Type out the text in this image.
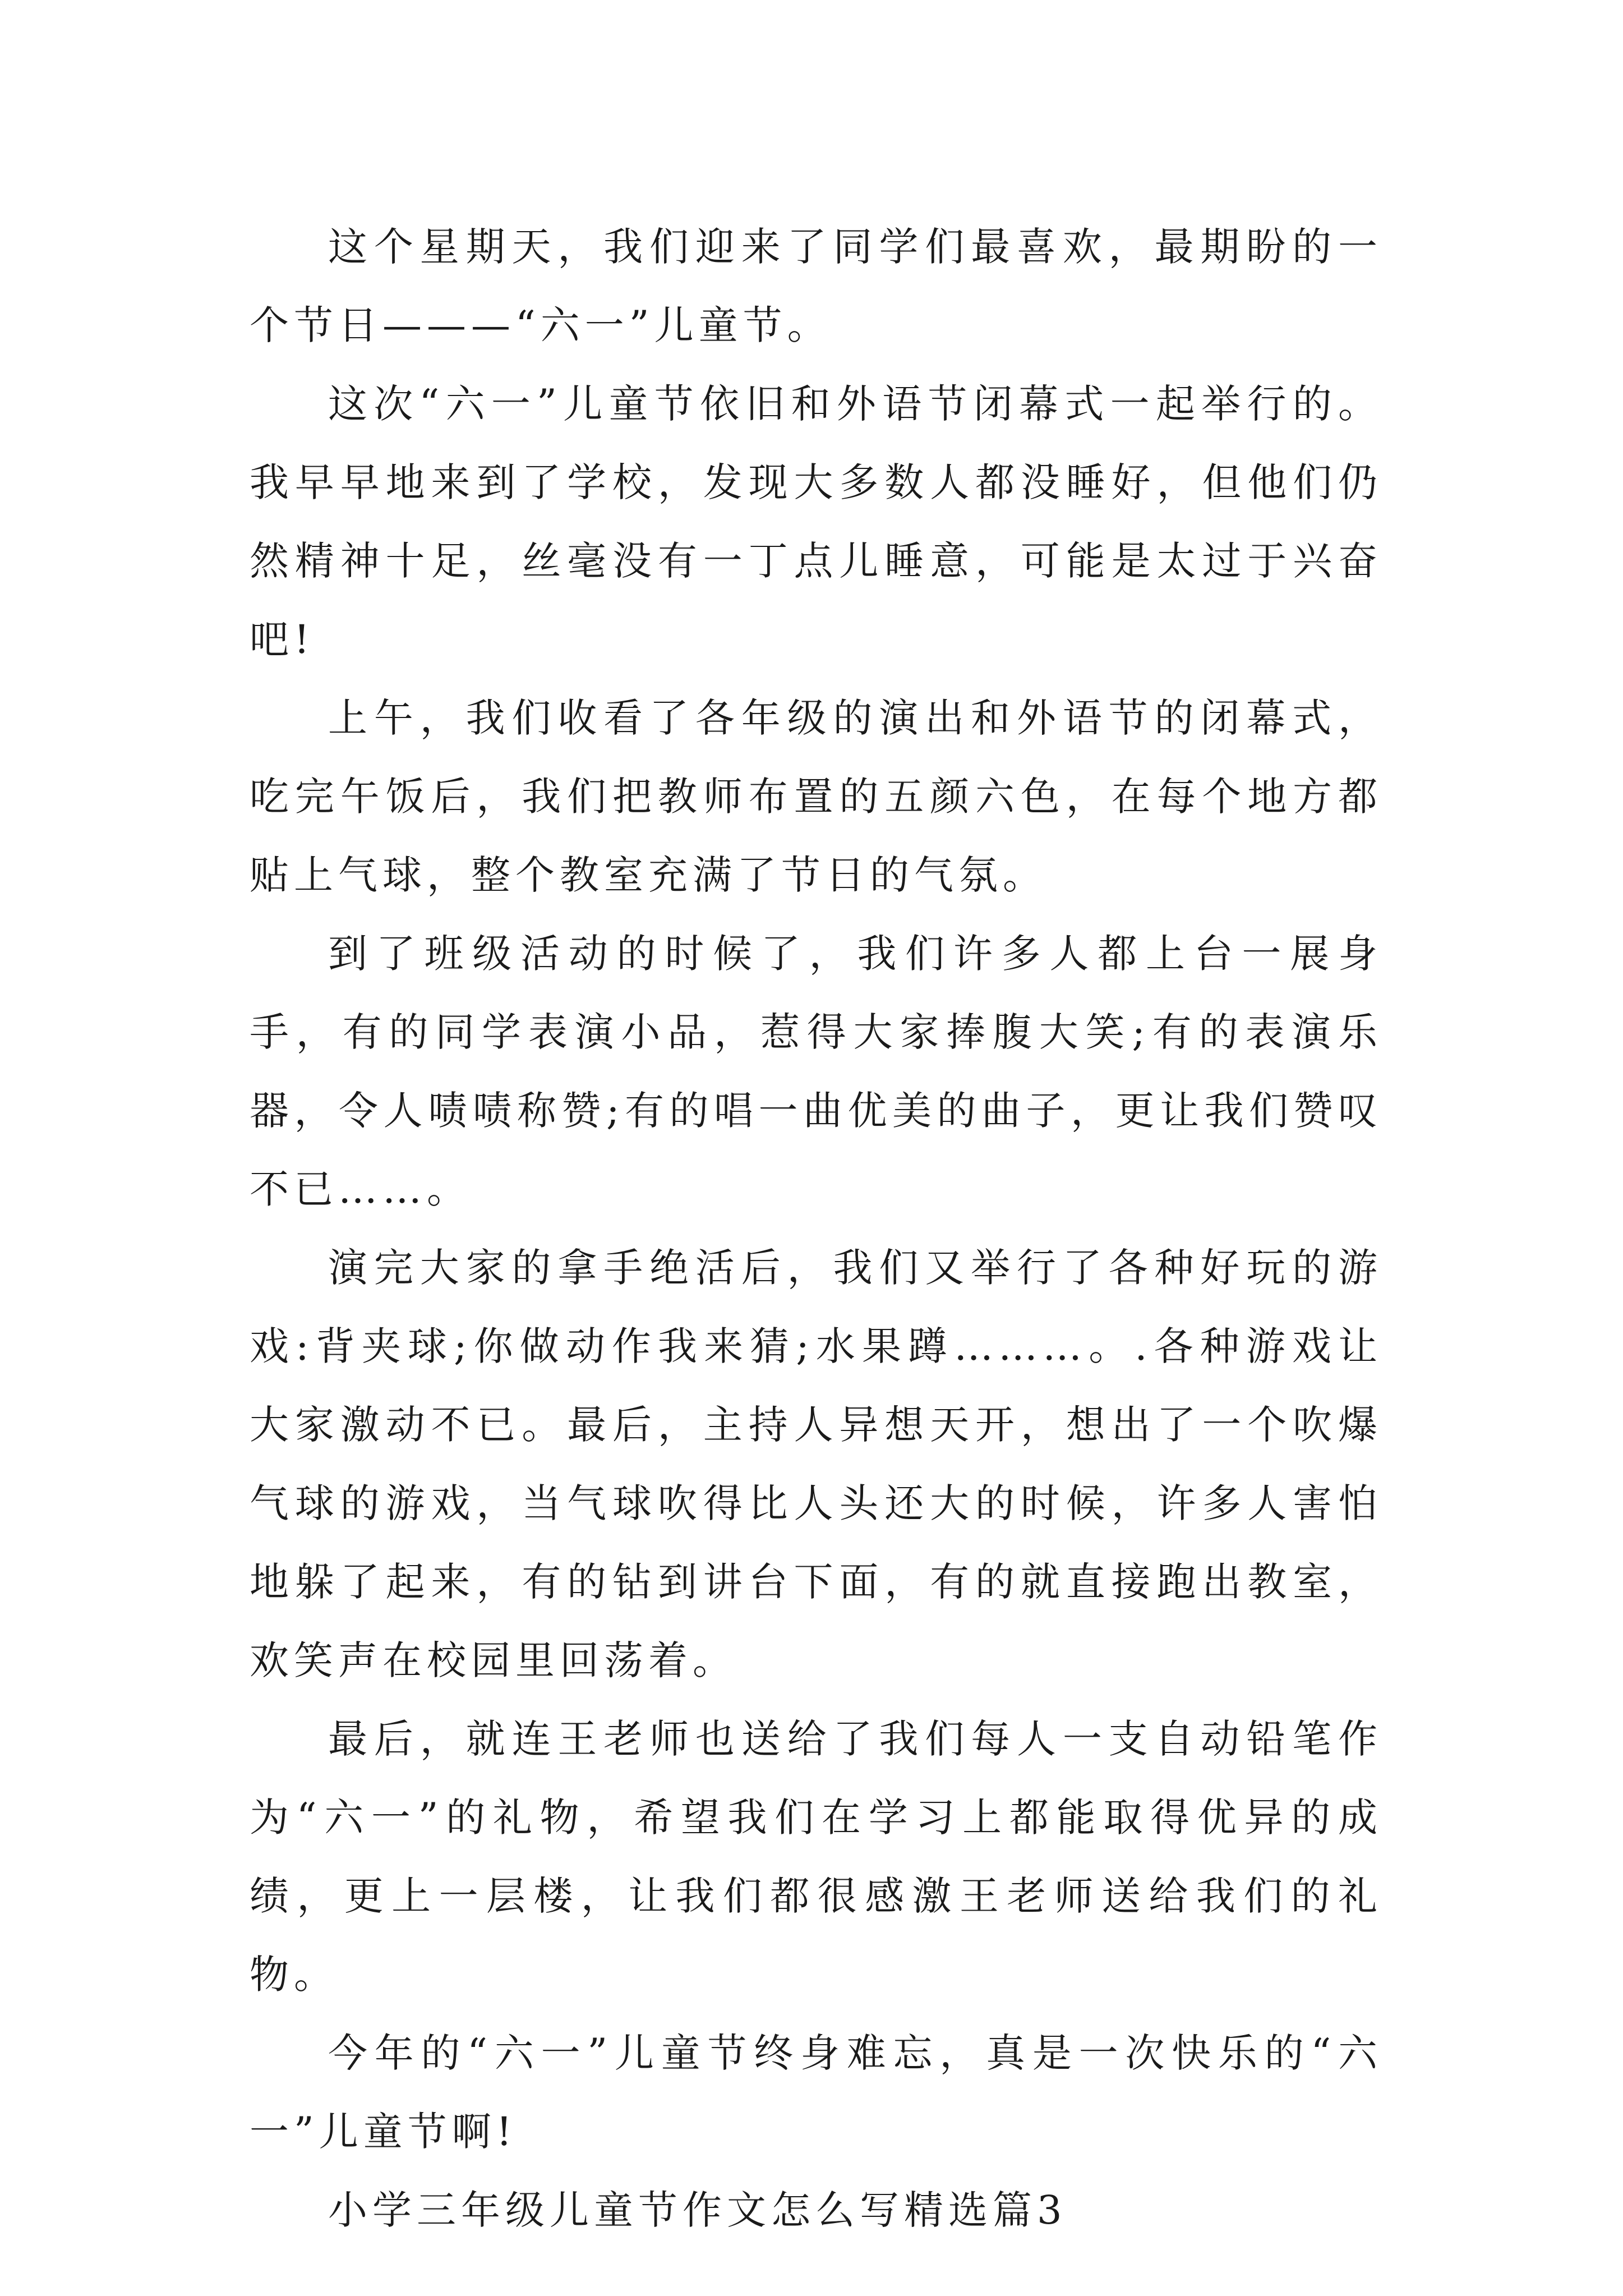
这个星期天，我们迎来了同学们最喜欢，最期盼的一个节日———“六一”儿童节。

这次“六一”儿童节依旧和外语节闭幕式一起举行的。我早早地来到了学校，发现大多数人都没睡好，但他们仍然精神十足，丝毫没有一丁点儿睡意，可能是太过于兴奋吧!

上午，我们收看了各年级的演出和外语节的闭幕式，吃完午饭后，我们把教师布置的五颜六色，在每个地方都贴上气球，整个教室充满了节日的气氛。

到了班级活动的时候了，我们许多人都上台一展身手，有的同学表演小品，惹得大家捧腹大笑;有的表演乐器，令人啧啧称赞;有的唱一曲优美的曲子，更让我们赞叹不已……。

演完大家的拿手绝活后，我们又举行了各种好玩的游戏:背夹球;你做动作我来猜;水果蹲………。.各种游戏让大家激动不已。最后，主持人异想天开，想出了一个吹爆气球的游戏，当气球吹得比人头还大的时候，许多人害怕地躲了起来，有的钻到讲台下面，有的就直接跑出教室，欢笑声在校园里回荡着。

最后，就连王老师也送给了我们每人一支自动铅笔作为“六一”的礼物，希望我们在学习上都能取得优异的成绩，更上一层楼，让我们都很感激王老师送给我们的礼物。

今年的“六一”儿童节终身难忘，真是一次快乐的“六一”儿童节啊!

小学三年级儿童节作文怎么写精选篇3
